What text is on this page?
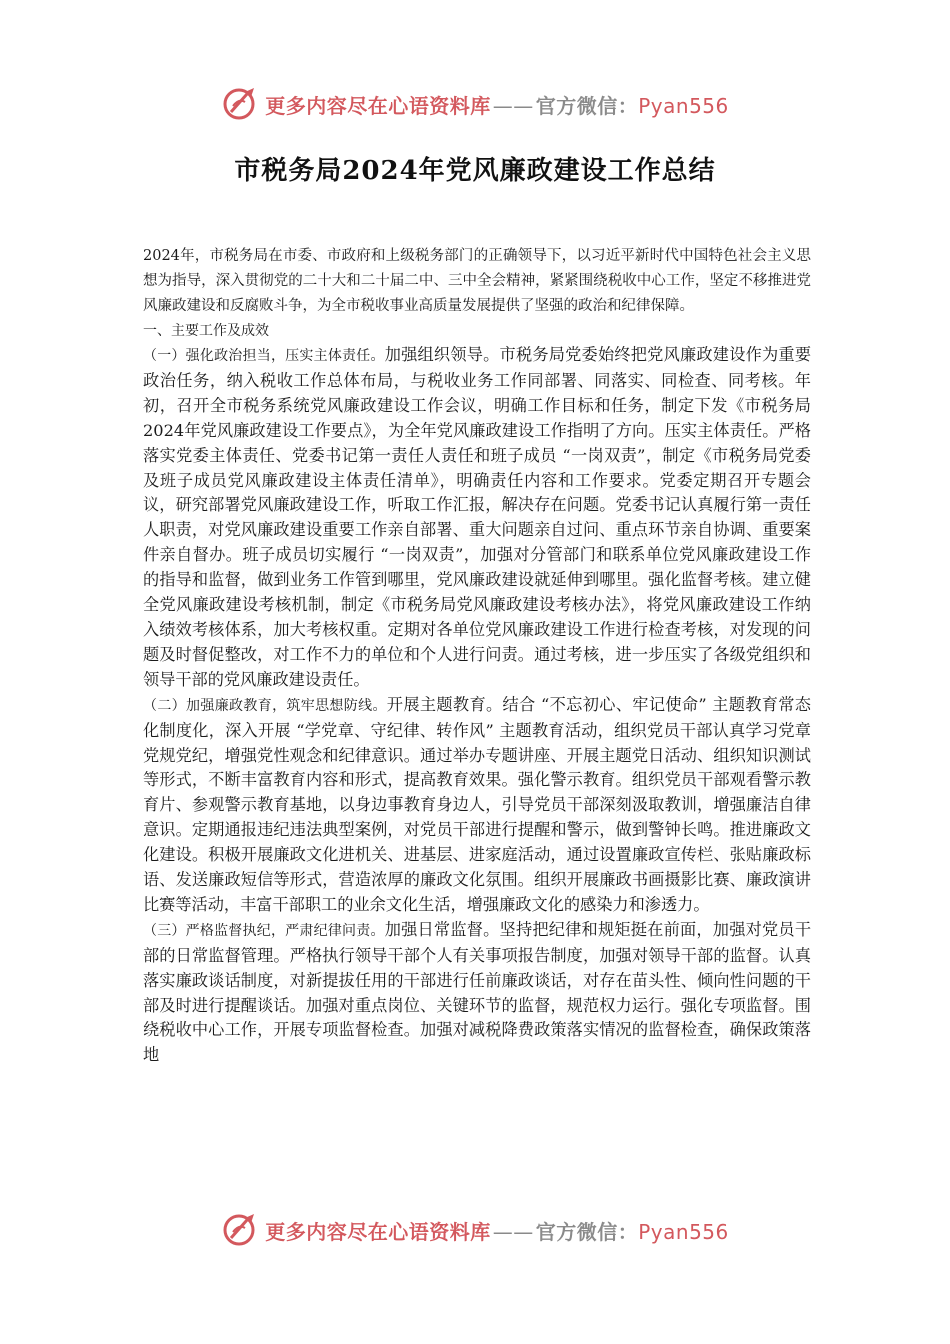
更多内容尽在心语资料库 —— 官方微信：Pyan556
市税务局2024年党风廉政建设工作总结

2024年，市税务局在市委、市政府和上级税务部门的正确领导下，以习近平新时代中国特色社会主义思想为指导，深入贯彻党的二十大和二十届二中、三中全会精神，紧紧围绕税收中心工作，坚定不移推进党风廉政建设和反腐败斗争，为全市税收事业高质量发展提供了坚强的政治和纪律保障。

一、主要工作及成效

（一）强化政治担当，压实主体责任。加强组织领导。市税务局党委始终把党风廉政建设作为重要政治任务，纳入税收工作总体布局，与税收业务工作同部署、同落实、同检查、同考核。年初，召开全市税务系统党风廉政建设工作会议，明确工作目标和任务，制定下发《市税务局 2024年党风廉政建设工作要点》，为全年党风廉政建设工作指明了方向。压实主体责任。严格落实党委主体责任、党委书记第一责任人责任和班子成员 “一岗双责”，制定《市税务局党委及班子成员党风廉政建设主体责任清单》，明确责任内容和工作要求。党委定期召开专题会议，研究部署党风廉政建设工作，听取工作汇报，解决存在问题。党委书记认真履行第一责任人职责，对党风廉政建设重要工作亲自部署、重大问题亲自过问、重点环节亲自协调、重要案件亲自督办。班子成员切实履行 “一岗双责”，加强对分管部门和联系单位党风廉政建设工作的指导和监督，做到业务工作管到哪里，党风廉政建设就延伸到哪里。强化监督考核。建立健全党风廉政建设考核机制，制定《市税务局党风廉政建设考核办法》，将党风廉政建设工作纳入绩效考核体系，加大考核权重。定期对各单位党风廉政建设工作进行检查考核，对发现的问题及时督促整改，对工作不力的单位和个人进行问责。通过考核，进一步压实了各级党组织和领导干部的党风廉政建设责任。

（二）加强廉政教育，筑牢思想防线。开展主题教育。结合 “不忘初心、牢记使命” 主题教育常态化制度化，深入开展 “学党章、守纪律、转作风” 主题教育活动，组织党员干部认真学习党章党规党纪，增强党性观念和纪律意识。通过举办专题讲座、开展主题党日活动、组织知识测试等形式，不断丰富教育内容和形式，提高教育效果。强化警示教育。组织党员干部观看警示教育片、参观警示教育基地，以身边事教育身边人，引导党员干部深刻汲取教训，增强廉洁自律意识。定期通报违纪违法典型案例，对党员干部进行提醒和警示，做到警钟长鸣。推进廉政文化建设。积极开展廉政文化进机关、进基层、进家庭活动，通过设置廉政宣传栏、张贴廉政标语、发送廉政短信等形式，营造浓厚的廉政文化氛围。组织开展廉政书画摄影比赛、廉政演讲比赛等活动，丰富干部职工的业余文化生活，增强廉政文化的感染力和渗透力。

（三）严格监督执纪，严肃纪律问责。加强日常监督。坚持把纪律和规矩挺在前面，加强对党员干部的日常监督管理。严格执行领导干部个人有关事项报告制度，加强对领导干部的监督。认真落实廉政谈话制度，对新提拔任用的干部进行任前廉政谈话，对存在苗头性、倾向性问题的干部及时进行提醒谈话。加强对重点岗位、关键环节的监督，规范权力运行。强化专项监督。围绕税收中心工作，开展专项监督检查。加强对减税降费政策落实情况的监督检查，确保政策落地

更多内容尽在心语资料库 —— 官方微信：Pyan556
